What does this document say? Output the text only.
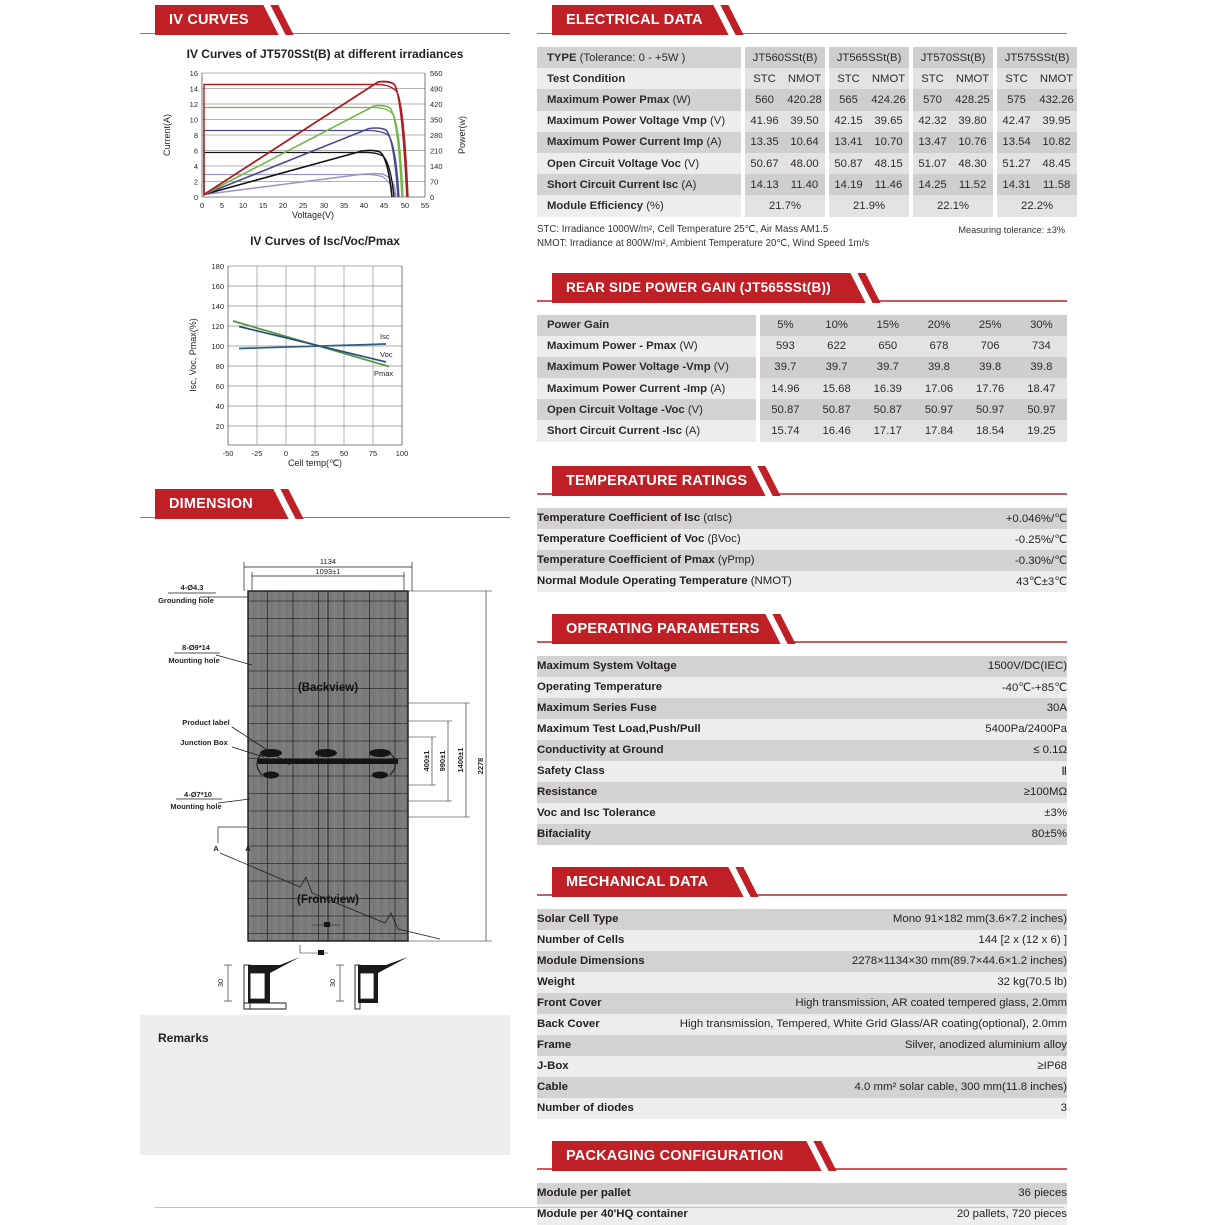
IV CURVES
IV Curves of JT570SSt(B) at different irradiances
16
14
12
10
8
6
4
2
0
560
490
420
350
280
210
140
70
0
0 5 10 15 20 25 30 35 40 45 50 55
Current(A)	Power(w)
Voltage(V)
IV Curves of Isc/Voc/Pmax
180
160
140
120
100
80
60
40
20
-50 -25	0	25	50	75 100
Isc
Voc
Pmax
Isc, Voc, Pmax(%)
Cell temp(℃)
DIMENSION
1134
1093±1
(Backview)
(Frontview)
4-Ø4.3
Grounding hole
8-Ø9*14
Mounting hole
Product label
Junction Box
4-Ø7*10
Mounting hole
A	A
2278
1400±1
990±1
400±1
30	30
Remarks
ELECTRICAL DATA
TYPE (Tolerance: 0 - +5W )		JT560SSt(B)			JT565SSt(B)			JT570SSt(B)			JT575SSt(B)	
Test Condition		STC	NMOT		STC	NMOT		STC	NMOT		STC	NMOT
Maximum Power Pmax (W)		560	420.28		565	424.26		570	428.25		575	432.26
Maximum Power Voltage Vmp (V)		41.96	39.50		42.15	39.65		42.32	39.80		42.47	39.95
Maximum Power Current Imp (A)		13.35	10.64		13.41	10.70		13.47	10.76		13.54	10.82
Open Circuit Voltage Voc (V)		50.67	48.00		50.87	48.15		51.07	48.30		51.27	48.45
Short Circuit Current Isc (A)		14.13	11.40		14.19	11.46		14.25	11.52		14.31	11.58
Module Efficiency (%)		21.7%			21.9%			22.1%			22.2%	
STC: Irradiance 1000W/m², Cell Temperature 25℃, Air Mass AM1.5
NMOT: Irradiance at 800W/m², Ambient Temperature 20℃, Wind Speed 1m/s
Measuring tolerance: ±3%
REAR SIDE POWER GAIN (JT565SSt(B))
Power Gain		5%	10%	15%	20%	25%	30%
Maximum Power - Pmax (W)		593	622	650	678	706	734
Maximum Power Voltage -Vmp (V)		39.7	39.7	39.7	39.8	39.8	39.8
Maximum Power Current -Imp (A)		14.96	15.68	16.39	17.06	17.76	18.47
Open Circuit Voltage -Voc (V)		50.87	50.87	50.87	50.97	50.97	50.97
Short Circuit Current -Isc (A)		15.74	16.46	17.17	17.84	18.54	19.25
TEMPERATURE RATINGS
Temperature Coefficient of Isc (αIsc)	+0.046%/℃
Temperature Coefficient of Voc (βVoc)	-0.25%/℃
Temperature Coefficient of Pmax (γPmp)	-0.30%/℃
Normal Module Operating Temperature (NMOT)	43℃±3℃
OPERATING PARAMETERS
Maximum System Voltage	1500V/DC(IEC)
Operating Temperature	-40℃-+85℃
Maximum Series Fuse	30A
Maximum Test Load,Push/Pull	5400Pa/2400Pa
Conductivity at Ground	≤ 0.1Ω
Safety Class	Ⅱ
Resistance	≥100MΩ
Voc and Isc Tolerance	±3%
Bifaciality	80±5%
MECHANICAL DATA
Solar Cell Type	Mono 91×182 mm(3.6×7.2 inches)
Number of Cells	144 [2 x (12 x 6) ]
Module Dimensions	2278×1134×30 mm(89.7×44.6×1.2 inches)
Weight	32 kg(70.5 lb)
Front Cover	High transmission, AR coated tempered glass, 2.0mm
Back Cover	High transmission, Tempered, White Grid Glass/AR coating(optional), 2.0mm
Frame	Silver, anodized aluminium alloy
J-Box	≥IP68
Cable	4.0 mm² solar cable, 300 mm(11.8 inches)
Number of diodes	3
PACKAGING CONFIGURATION
Module per pallet	36 pieces
Module per 40'HQ container	20 pallets, 720 pieces
